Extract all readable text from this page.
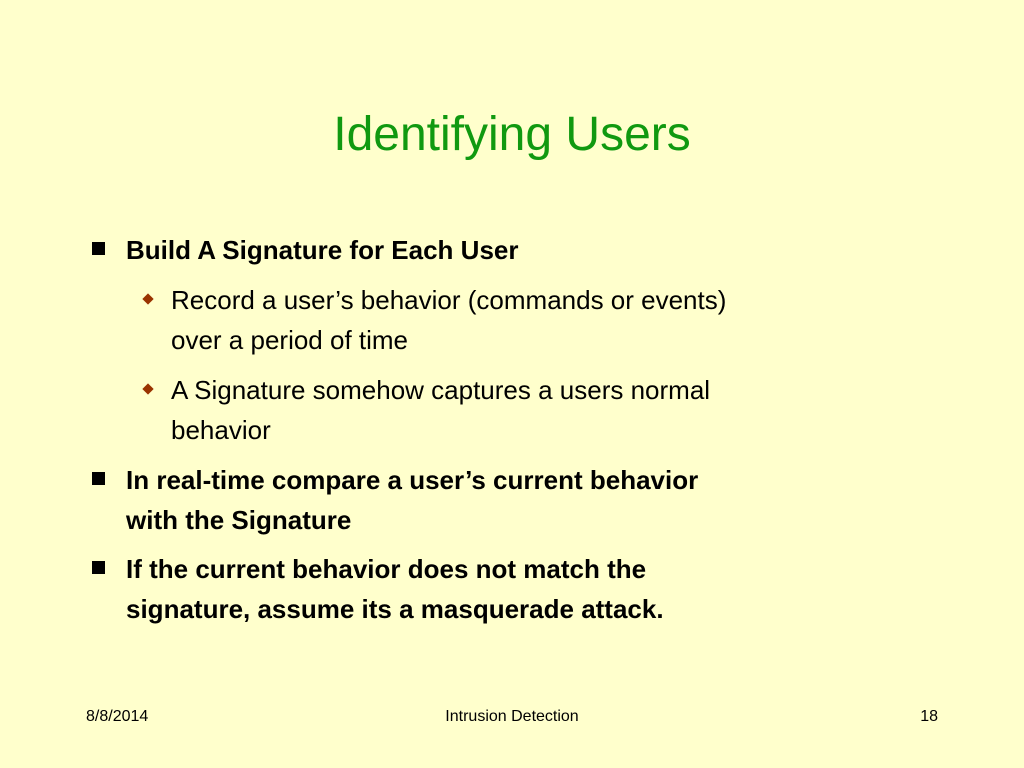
Identifying Users
Build A Signature for Each User
Record a user’s behavior (commands or events)
over a period of time
A Signature somehow captures a users normal
behavior
In real-time compare a user’s current behavior
with the Signature
If the current behavior does not match the
signature, assume its a masquerade attack.
8/8/2014	Intrusion Detection	18
